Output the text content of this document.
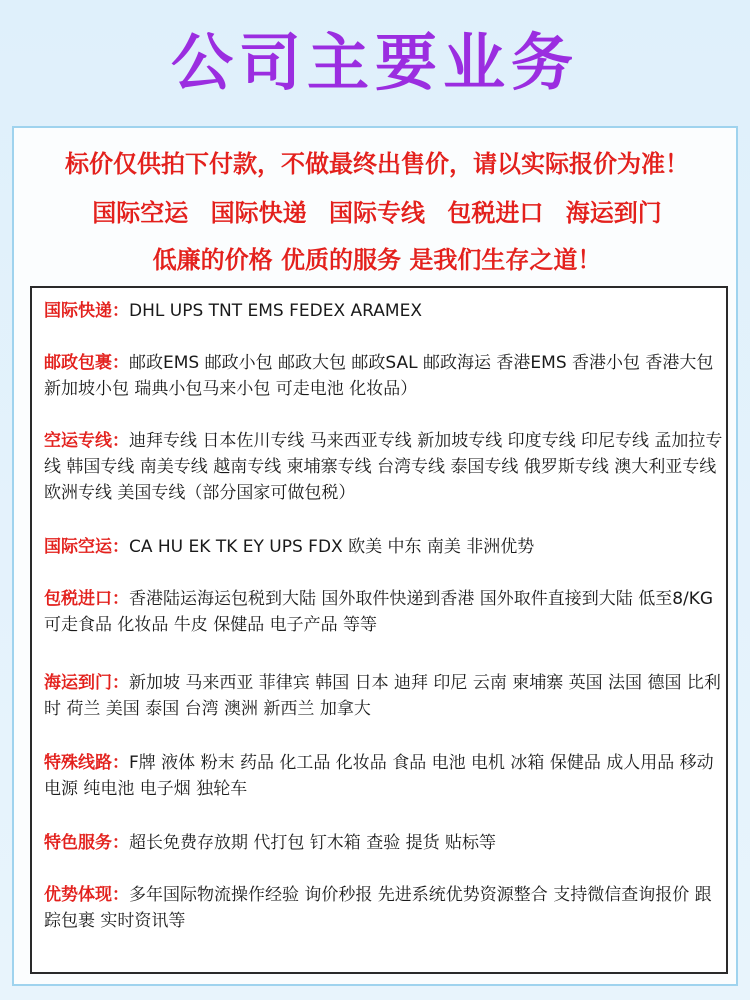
公司主要业务
标价仅供拍下付款，不做最终出售价，请以实际报价为准！
国际空运 国际快递 国际专线 包税进口 海运到门
低廉的价格 优质的服务 是我们生存之道！
国际快递：DHL UPS TNT EMS FEDEX ARAMEX
邮政包裹：邮政EMS 邮政小包 邮政大包 邮政SAL 邮政海运 香港EMS 香港小包 香港大包 新加坡小包 瑞典小包马来小包 可走电池 化妆品）
空运专线：迪拜专线 日本佐川专线 马来西亚专线 新加坡专线 印度专线 印尼专线 孟加拉专线 韩国专线 南美专线 越南专线 柬埔寨专线 台湾专线 泰国专线 俄罗斯专线 澳大利亚专线 欧洲专线 美国专线（部分国家可做包税）
国际空运：CA HU EK TK EY UPS FDX 欧美 中东 南美 非洲优势
包税进口：香港陆运海运包税到大陆 国外取件快递到香港 国外取件直接到大陆 低至8/KG 可走食品 化妆品 牛皮 保健品 电子产品 等等
海运到门：新加坡 马来西亚 菲律宾 韩国 日本 迪拜 印尼 云南 柬埔寨 英国 法国 德国 比利时 荷兰 美国 泰国 台湾 澳洲 新西兰 加拿大
特殊线路：F牌 液体 粉末 药品 化工品 化妆品 食品 电池 电机 冰箱 保健品 成人用品 移动电源 纯电池 电子烟 独轮车
特色服务：超长免费存放期 代打包 钉木箱 查验 提货 贴标等
优势体现：多年国际物流操作经验 询价秒报 先进系统优势资源整合 支持微信查询报价 跟踪包裹 实时资讯等
